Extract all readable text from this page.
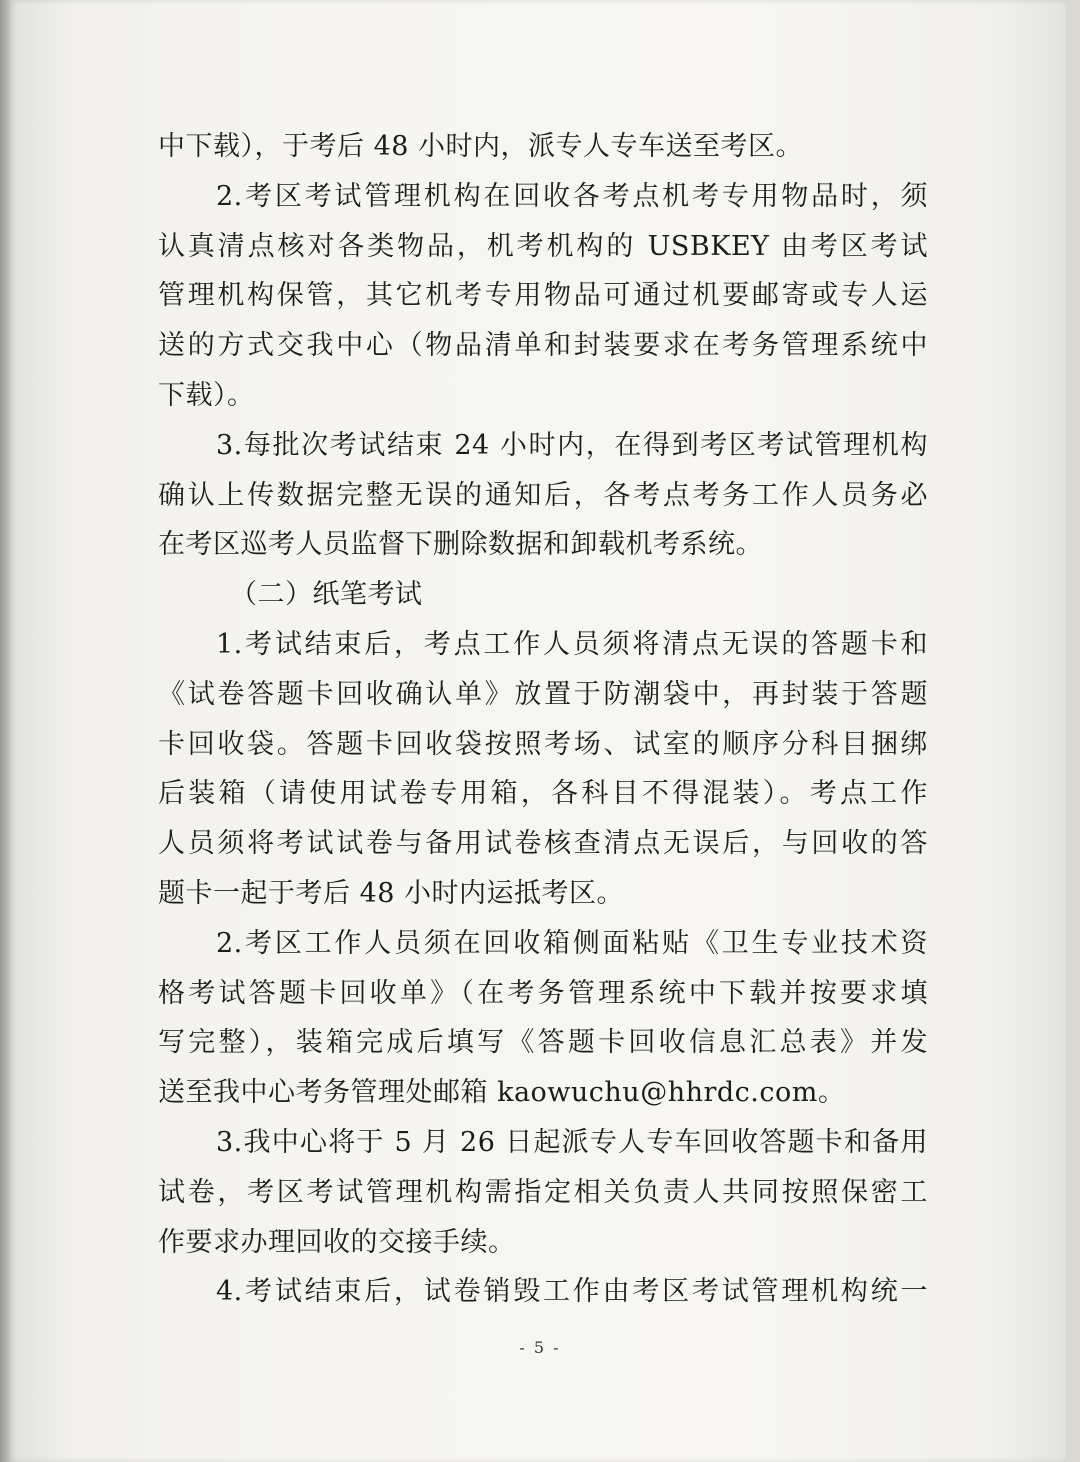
中下载），于考后 48 小时内，派专人专车送至考区。
2.考区考试管理机构在回收各考点机考专用物品时，须
认真清点核对各类物品，机考机构的 USBKEY 由考区考试
管理机构保管，其它机考专用物品可通过机要邮寄或专人运
送的方式交我中心（物品清单和封装要求在考务管理系统中
下载）。
3.每批次考试结束 24 小时内，在得到考区考试管理机构
确认上传数据完整无误的通知后，各考点考务工作人员务必
在考区巡考人员监督下删除数据和卸载机考系统。
（二）纸笔考试
1.考试结束后，考点工作人员须将清点无误的答题卡和
《试卷答题卡回收确认单》放置于防潮袋中，再封装于答题
卡回收袋。答题卡回收袋按照考场、试室的顺序分科目捆绑
后装箱（请使用试卷专用箱，各科目不得混装）。考点工作
人员须将考试试卷与备用试卷核查清点无误后，与回收的答
题卡一起于考后 48 小时内运抵考区。
2.考区工作人员须在回收箱侧面粘贴《卫生专业技术资
格考试答题卡回收单》（在考务管理系统中下载并按要求填
写完整），装箱完成后填写《答题卡回收信息汇总表》并发
送至我中心考务管理处邮箱 kaowuchu@hhrdc.com。
3.我中心将于 5 月 26 日起派专人专车回收答题卡和备用
试卷，考区考试管理机构需指定相关负责人共同按照保密工
作要求办理回收的交接手续。
4.考试结束后，试卷销毁工作由考区考试管理机构统一
- 5 -
